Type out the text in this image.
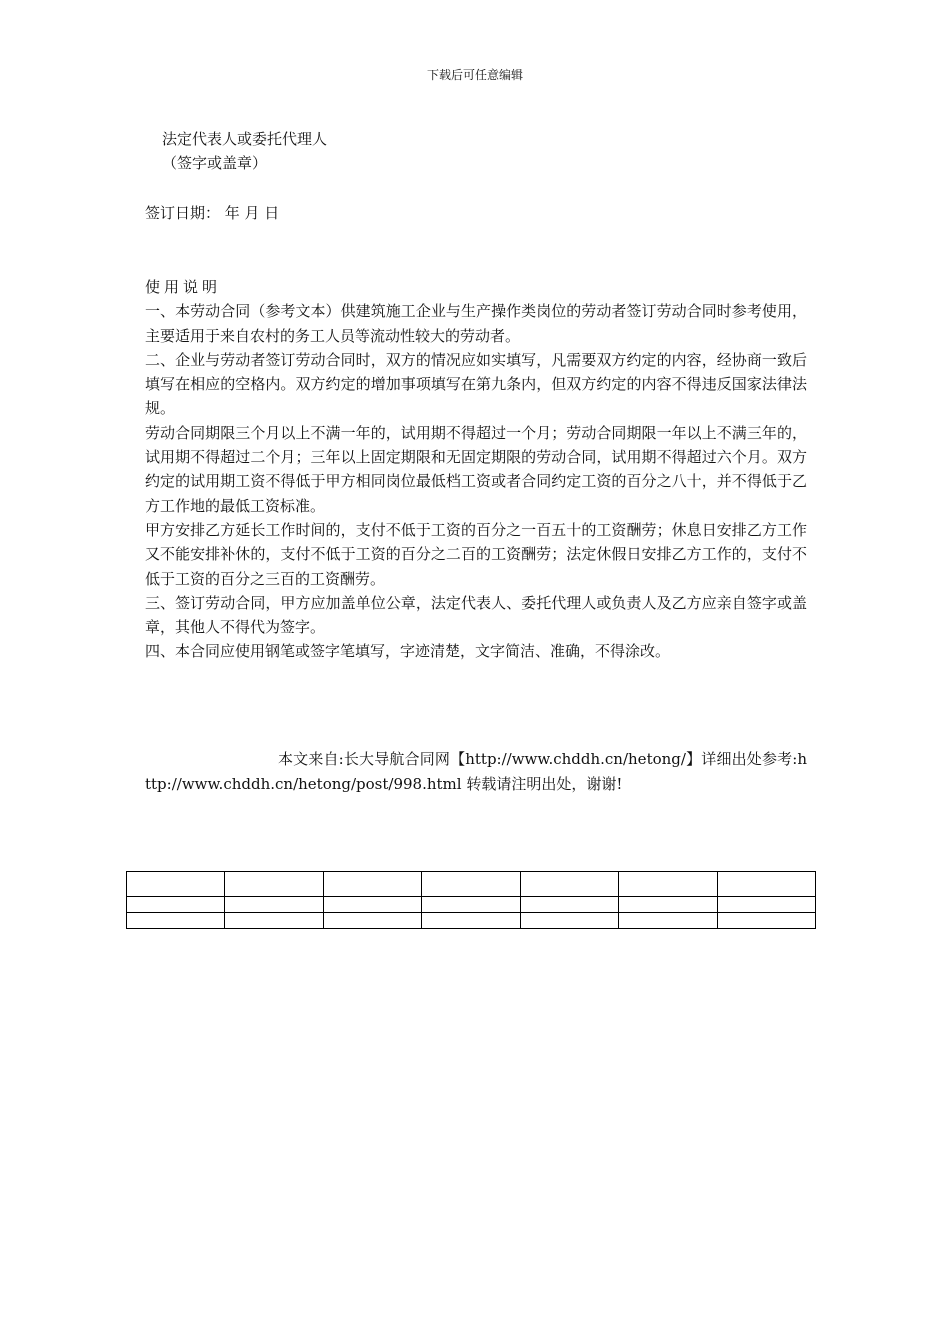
下载后可任意编辑
法定代表人或委托代理人
（签字或盖章）
签订日期： 年 月 日

使用说明

一、本劳动合同（参考文本）供建筑施工企业与生产操作类岗位的劳动者签订劳动合同时参考使用，主要适用于来自农村的务工人员等流动性较大的劳动者。

二、企业与劳动者签订劳动合同时，双方的情况应如实填写，凡需要双方约定的内容，经协商一致后填写在相应的空格内。双方约定的增加事项填写在第九条内，但双方约定的内容不得违反国家法律法规。

劳动合同期限三个月以上不满一年的，试用期不得超过一个月；劳动合同期限一年以上不满三年的，试用期不得超过二个月；三年以上固定期限和无固定期限的劳动合同，试用期不得超过六个月。双方约定的试用期工资不得低于甲方相同岗位最低档工资或者合同约定工资的百分之八十，并不得低于乙方工作地的最低工资标准。

甲方安排乙方延长工作时间的，支付不低于工资的百分之一百五十的工资酬劳；休息日安排乙方工作又不能安排补休的，支付不低于工资的百分之二百的工资酬劳；法定休假日安排乙方工作的，支付不低于工资的百分之三百的工资酬劳。

三、签订劳动合同，甲方应加盖单位公章，法定代表人、委托代理人或负责人及乙方应亲自签字或盖章，其他人不得代为签字。

四、本合同应使用钢笔或签字笔填写，字迹清楚，文字简洁、准确，不得涂改。

本文来自:长大导航合同网【http://www.chddh.cn/hetong/】详细出处参考:http://www.chddh.cn/hetong/post/998.html 转载请注明出处，谢谢!
